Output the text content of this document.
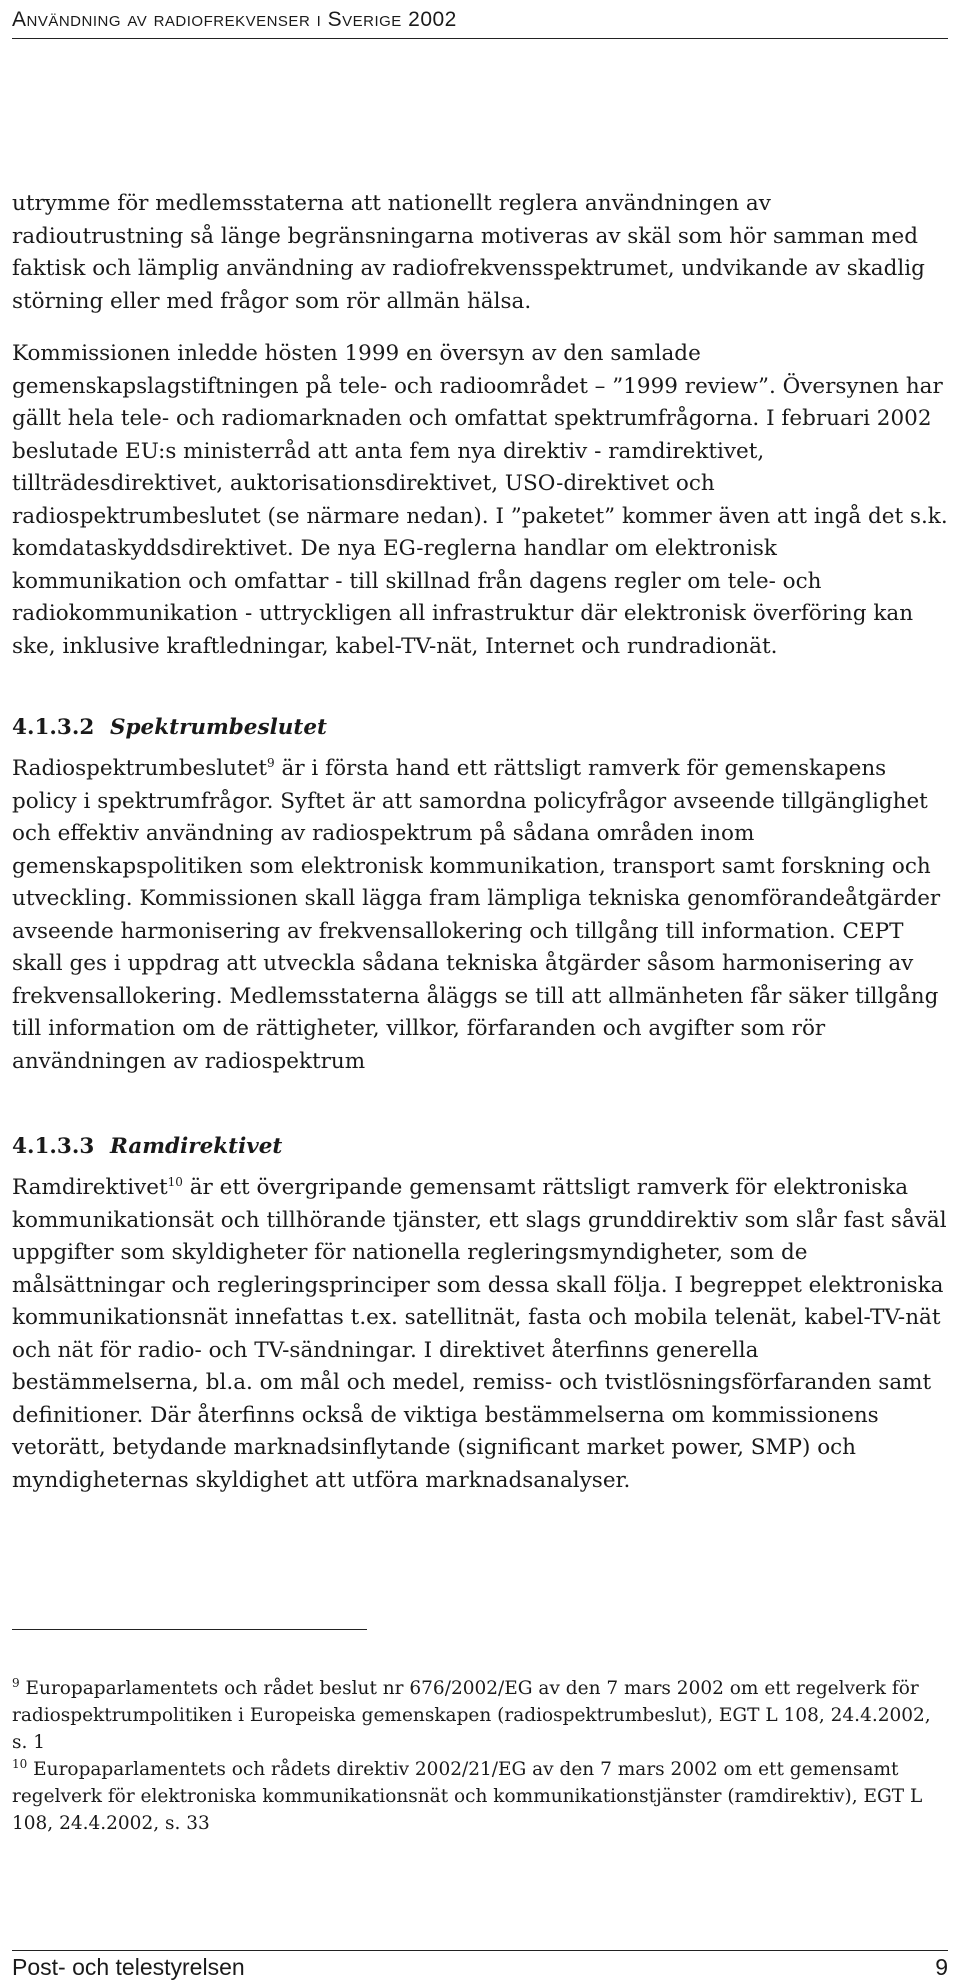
Användning av radiofrekvenser i Sverige 2002

utrymme för medlemsstaterna att nationellt reglera användningen av radioutrustning så länge begränsningarna motiveras av skäl som hör samman med faktisk och lämplig användning av radiofrekvensspektrumet, undvikande av skadlig störning eller med frågor som rör allmän hälsa.

Kommissionen inledde hösten 1999 en översyn av den samlade gemenskapslagstiftningen på tele- och radioområdet – ”1999 review”. Översynen har gällt hela tele- och radiomarknaden och omfattat spektrumfrågorna. I februari 2002 beslutade EU:s ministerråd att anta fem nya direktiv - ramdirektivet, tillträdesdirektivet, auktorisationsdirektivet, USO-direktivet och radiospektrumbeslutet (se närmare nedan). I ”paketet” kommer även att ingå det s.k. komdataskyddsdirektivet. De nya EG-reglerna handlar om elektronisk kommunikation och omfattar - till skillnad från dagens regler om tele- och radiokommunikation - uttryckligen all infrastruktur där elektronisk överföring kan ske, inklusive kraftledningar, kabel-TV-nät, Internet och rundradionät.

4.1.3.2 Spektrumbeslutet

Radiospektrumbeslutet$^9$ är i första hand ett rättsligt ramverk för gemenskapens policy i spektrumfrågor. Syftet är att samordna policyfrågor avseende tillgänglighet och effektiv användning av radiospektrum på sådana områden inom gemenskapspolitiken som elektronisk kommunikation, transport samt forskning och utveckling. Kommissionen skall lägga fram lämpliga tekniska genomförandeåtgärder avseende harmonisering av frekvensallokering och tillgång till information. CEPT skall ges i uppdrag att utveckla sådana tekniska åtgärder såsom harmonisering av frekvensallokering. Medlemsstaterna åläggs se till att allmänheten får säker tillgång till information om de rättigheter, villkor, förfaranden och avgifter som rör användningen av radiospektrum

4.1.3.3 Ramdirektivet

Ramdirektivet$^{10}$ är ett övergripande gemensamt rättsligt ramverk för elektroniska kommunikationsät och tillhörande tjänster, ett slags grunddirektiv som slår fast såväl uppgifter som skyldigheter för nationella regleringsmyndigheter, som de målsättningar och regleringsprinciper som dessa skall följa. I begreppet elektroniska kommunikationsnät innefattas t.ex. satellitnät, fasta och mobila telenät, kabel-TV-nät och nät för radio- och TV-sändningar. I direktivet återfinns generella bestämmelserna, bl.a. om mål och medel, remiss- och tvistlösningsförfaranden samt definitioner. Där återfinns också de viktiga bestämmelserna om kommissionens vetorätt, betydande marknadsinflytande (significant market power, SMP) och myndigheternas skyldighet att utföra marknadsanalyser.

$^9$ Europaparlamentets och rådet beslut nr 676/2002/EG av den 7 mars 2002 om ett regelverk för radiospektrumpolitiken i Europeiska gemenskapen (radiospektrumbeslut), EGT L 108, 24.4.2002, s. 1

$^{10}$ Europaparlamentets och rådets direktiv 2002/21/EG av den 7 mars 2002 om ett gemensamt regelverk för elektroniska kommunikationsnät och kommunikationstjänster (ramdirektiv), EGT L 108, 24.4.2002, s. 33

Post- och telestyrelsen	9
